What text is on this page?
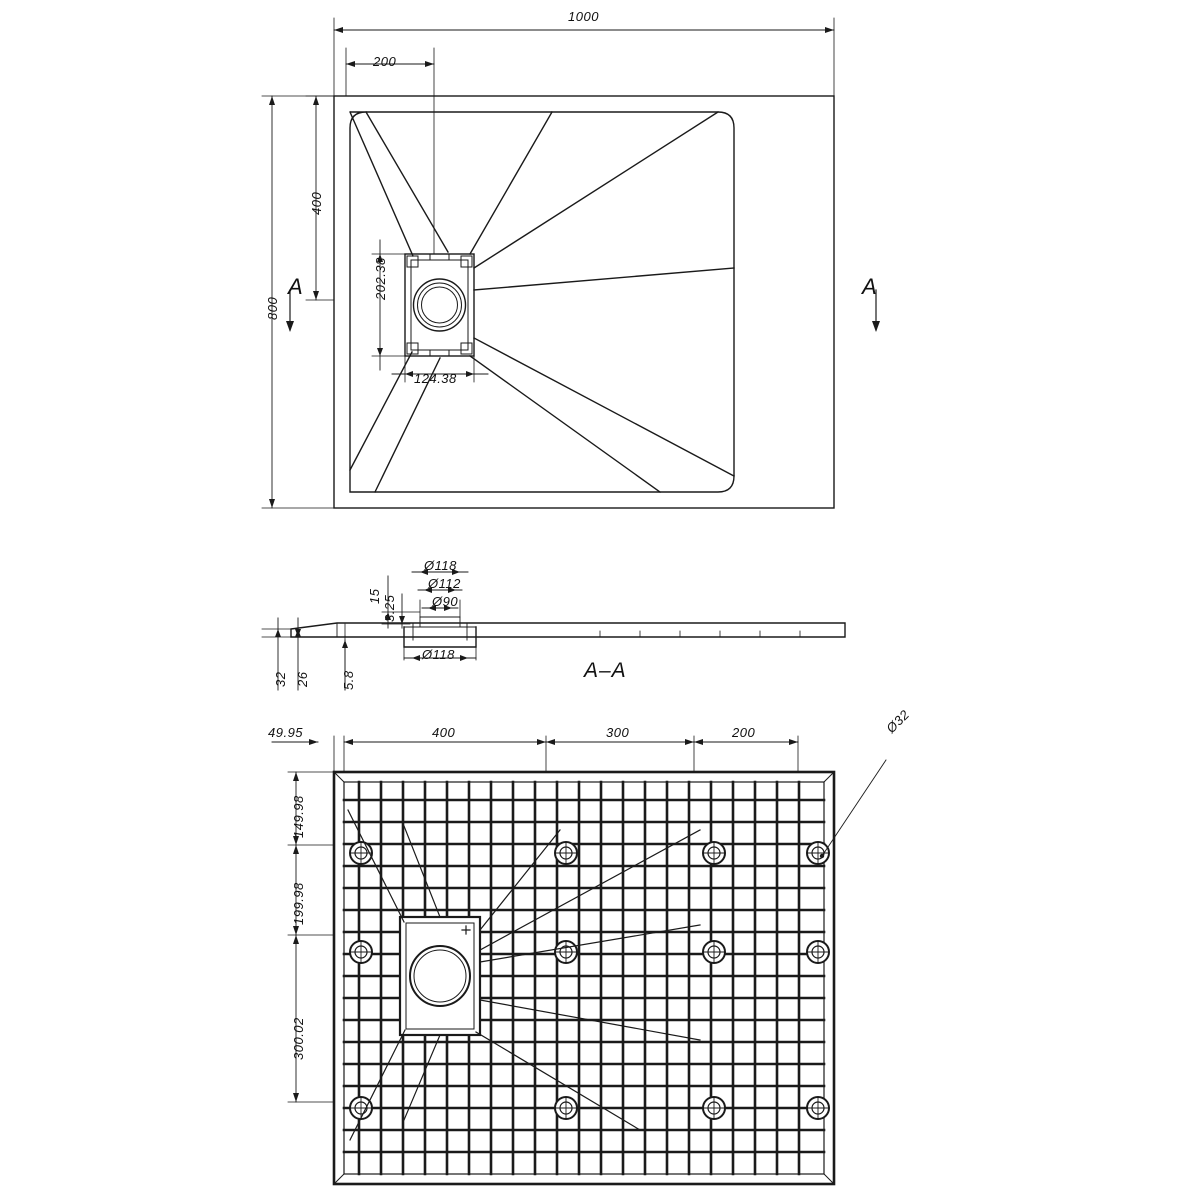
1000
200
800
400
202.38
124.38
A	A
Ø118
Ø112
Ø90
Ø118
15 3.25
32 26 5.8	A–A
49.95	400	300	200	Ø32
149.98
199.98
300.02
